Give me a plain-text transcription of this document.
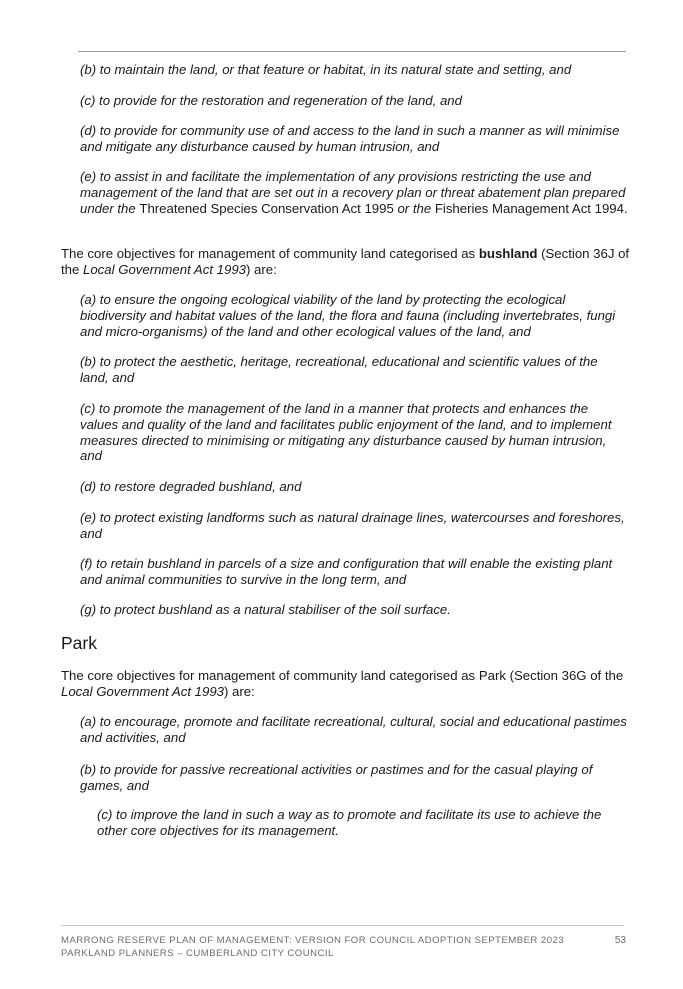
(b) to maintain the land, or that feature or habitat, in its natural state and setting, and

(c) to provide for the restoration and regeneration of the land, and

(d) to provide for community use of and access to the land in such a manner as will minimise and mitigate any disturbance caused by human intrusion, and

(e) to assist in and facilitate the implementation of any provisions restricting the use and management of the land that are set out in a recovery plan or threat abatement plan prepared under the Threatened Species Conservation Act 1995 or the Fisheries Management Act 1994.

The core objectives for management of community land categorised as bushland (Section 36J of the Local Government Act 1993) are:

(a) to ensure the ongoing ecological viability of the land by protecting the ecological biodiversity and habitat values of the land, the flora and fauna (including invertebrates, fungi and micro-organisms) of the land and other ecological values of the land, and

(b) to protect the aesthetic, heritage, recreational, educational and scientific values of the land, and

(c) to promote the management of the land in a manner that protects and enhances the values and quality of the land and facilitates public enjoyment of the land, and to implement measures directed to minimising or mitigating any disturbance caused by human intrusion, and

(d) to restore degraded bushland, and

(e) to protect existing landforms such as natural drainage lines, watercourses and foreshores, and

(f) to retain bushland in parcels of a size and configuration that will enable the existing plant and animal communities to survive in the long term, and

(g) to protect bushland as a natural stabiliser of the soil surface.

Park

The core objectives for management of community land categorised as Park (Section 36G of the Local Government Act 1993) are:

(a) to encourage, promote and facilitate recreational, cultural, social and educational pastimes and activities, and

(b) to provide for passive recreational activities or pastimes and for the casual playing of games, and

(c) to improve the land in such a way as to promote and facilitate its use to achieve the other core objectives for its management.

MARRONG RESERVE PLAN OF MANAGEMENT: VERSION FOR COUNCIL ADOPTION SEPTEMBER 2023
PARKLAND PLANNERS – CUMBERLAND CITY COUNCIL
53
